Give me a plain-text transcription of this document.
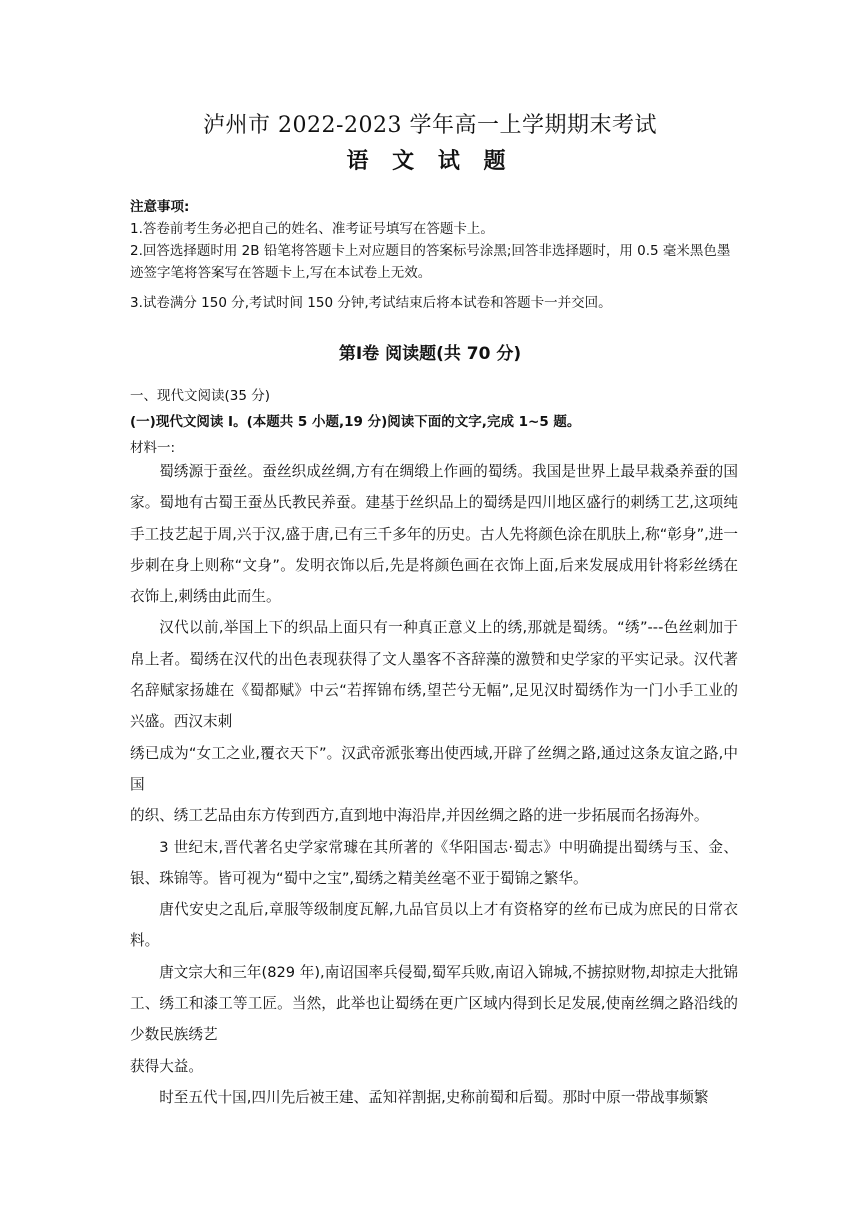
泸州市 2022-2023 学年高一上学期期末考试
语 文 试 题
注意事项:
1.答卷前考生务必把自己的姓名、准考证号填写在答题卡上。
2.回答选择题时用 2B 铅笔将答题卡上对应题目的答案标号涂黑;回答非选择题时，用 0.5 毫米黑色墨迹签字笔将答案写在答题卡上,写在本试卷上无效。
3.试卷满分 150 分,考试时间 150 分钟,考试结束后将本试卷和答题卡一并交回。
第Ⅰ卷 阅读题(共 70 分)
一、现代文阅读(35 分)
(一)现代文阅读 I。(本题共 5 小题,19 分)阅读下面的文字,完成 1~5 题。
材料一:

蜀绣源于蚕丝。蚕丝织成丝绸,方有在绸缎上作画的蜀绣。我国是世界上最早栽桑养蚕的国家。蜀地有古蜀王蚕丛氏教民养蚕。建基于丝织品上的蜀绣是四川地区盛行的刺绣工艺,这项纯手工技艺起于周,兴于汉,盛于唐,已有三千多年的历史。古人先将颜色涂在肌肤上,称“彰身”,进一步刺在身上则称“文身”。发明衣饰以后,先是将颜色画在衣饰上面,后来发展成用针将彩丝绣在衣饰上,刺绣由此而生。

汉代以前,举国上下的织品上面只有一种真正意义上的绣,那就是蜀绣。“绣”---色丝刺加于帛上者。蜀绣在汉代的出色表现获得了文人墨客不吝辞藻的激赞和史学家的平实记录。汉代著名辞赋家扬雄在《蜀都赋》中云“若挥锦布绣,望芒兮无幅”,足见汉时蜀绣作为一门小手工业的兴盛。西汉末刺

绣已成为“女工之业,覆衣天下”。汉武帝派张骞出使西域,开辟了丝绸之路,通过这条友谊之路,中国

的织、绣工艺品由东方传到西方,直到地中海沿岸,并因丝绸之路的进一步拓展而名扬海外。

3 世纪末,晋代著名史学家常璩在其所著的《华阳国志·蜀志》中明确提出蜀绣与玉、金、银、珠锦等。皆可视为“蜀中之宝”,蜀绣之精美丝毫不亚于蜀锦之繁华。

唐代安史之乱后,章服等级制度瓦解,九品官员以上才有资格穿的丝布已成为庶民的日常衣料。

唐文宗大和三年(829 年),南诏国率兵侵蜀,蜀军兵败,南诏入锦城,不掳掠财物,却掠走大批锦工、绣工和漆工等工匠。当然，此举也让蜀绣在更广区域内得到长足发展,使南丝绸之路沿线的少数民族绣艺

获得大益。

时至五代十国,四川先后被王建、孟知祥割据,史称前蜀和后蜀。那时中原一带战事频繁
